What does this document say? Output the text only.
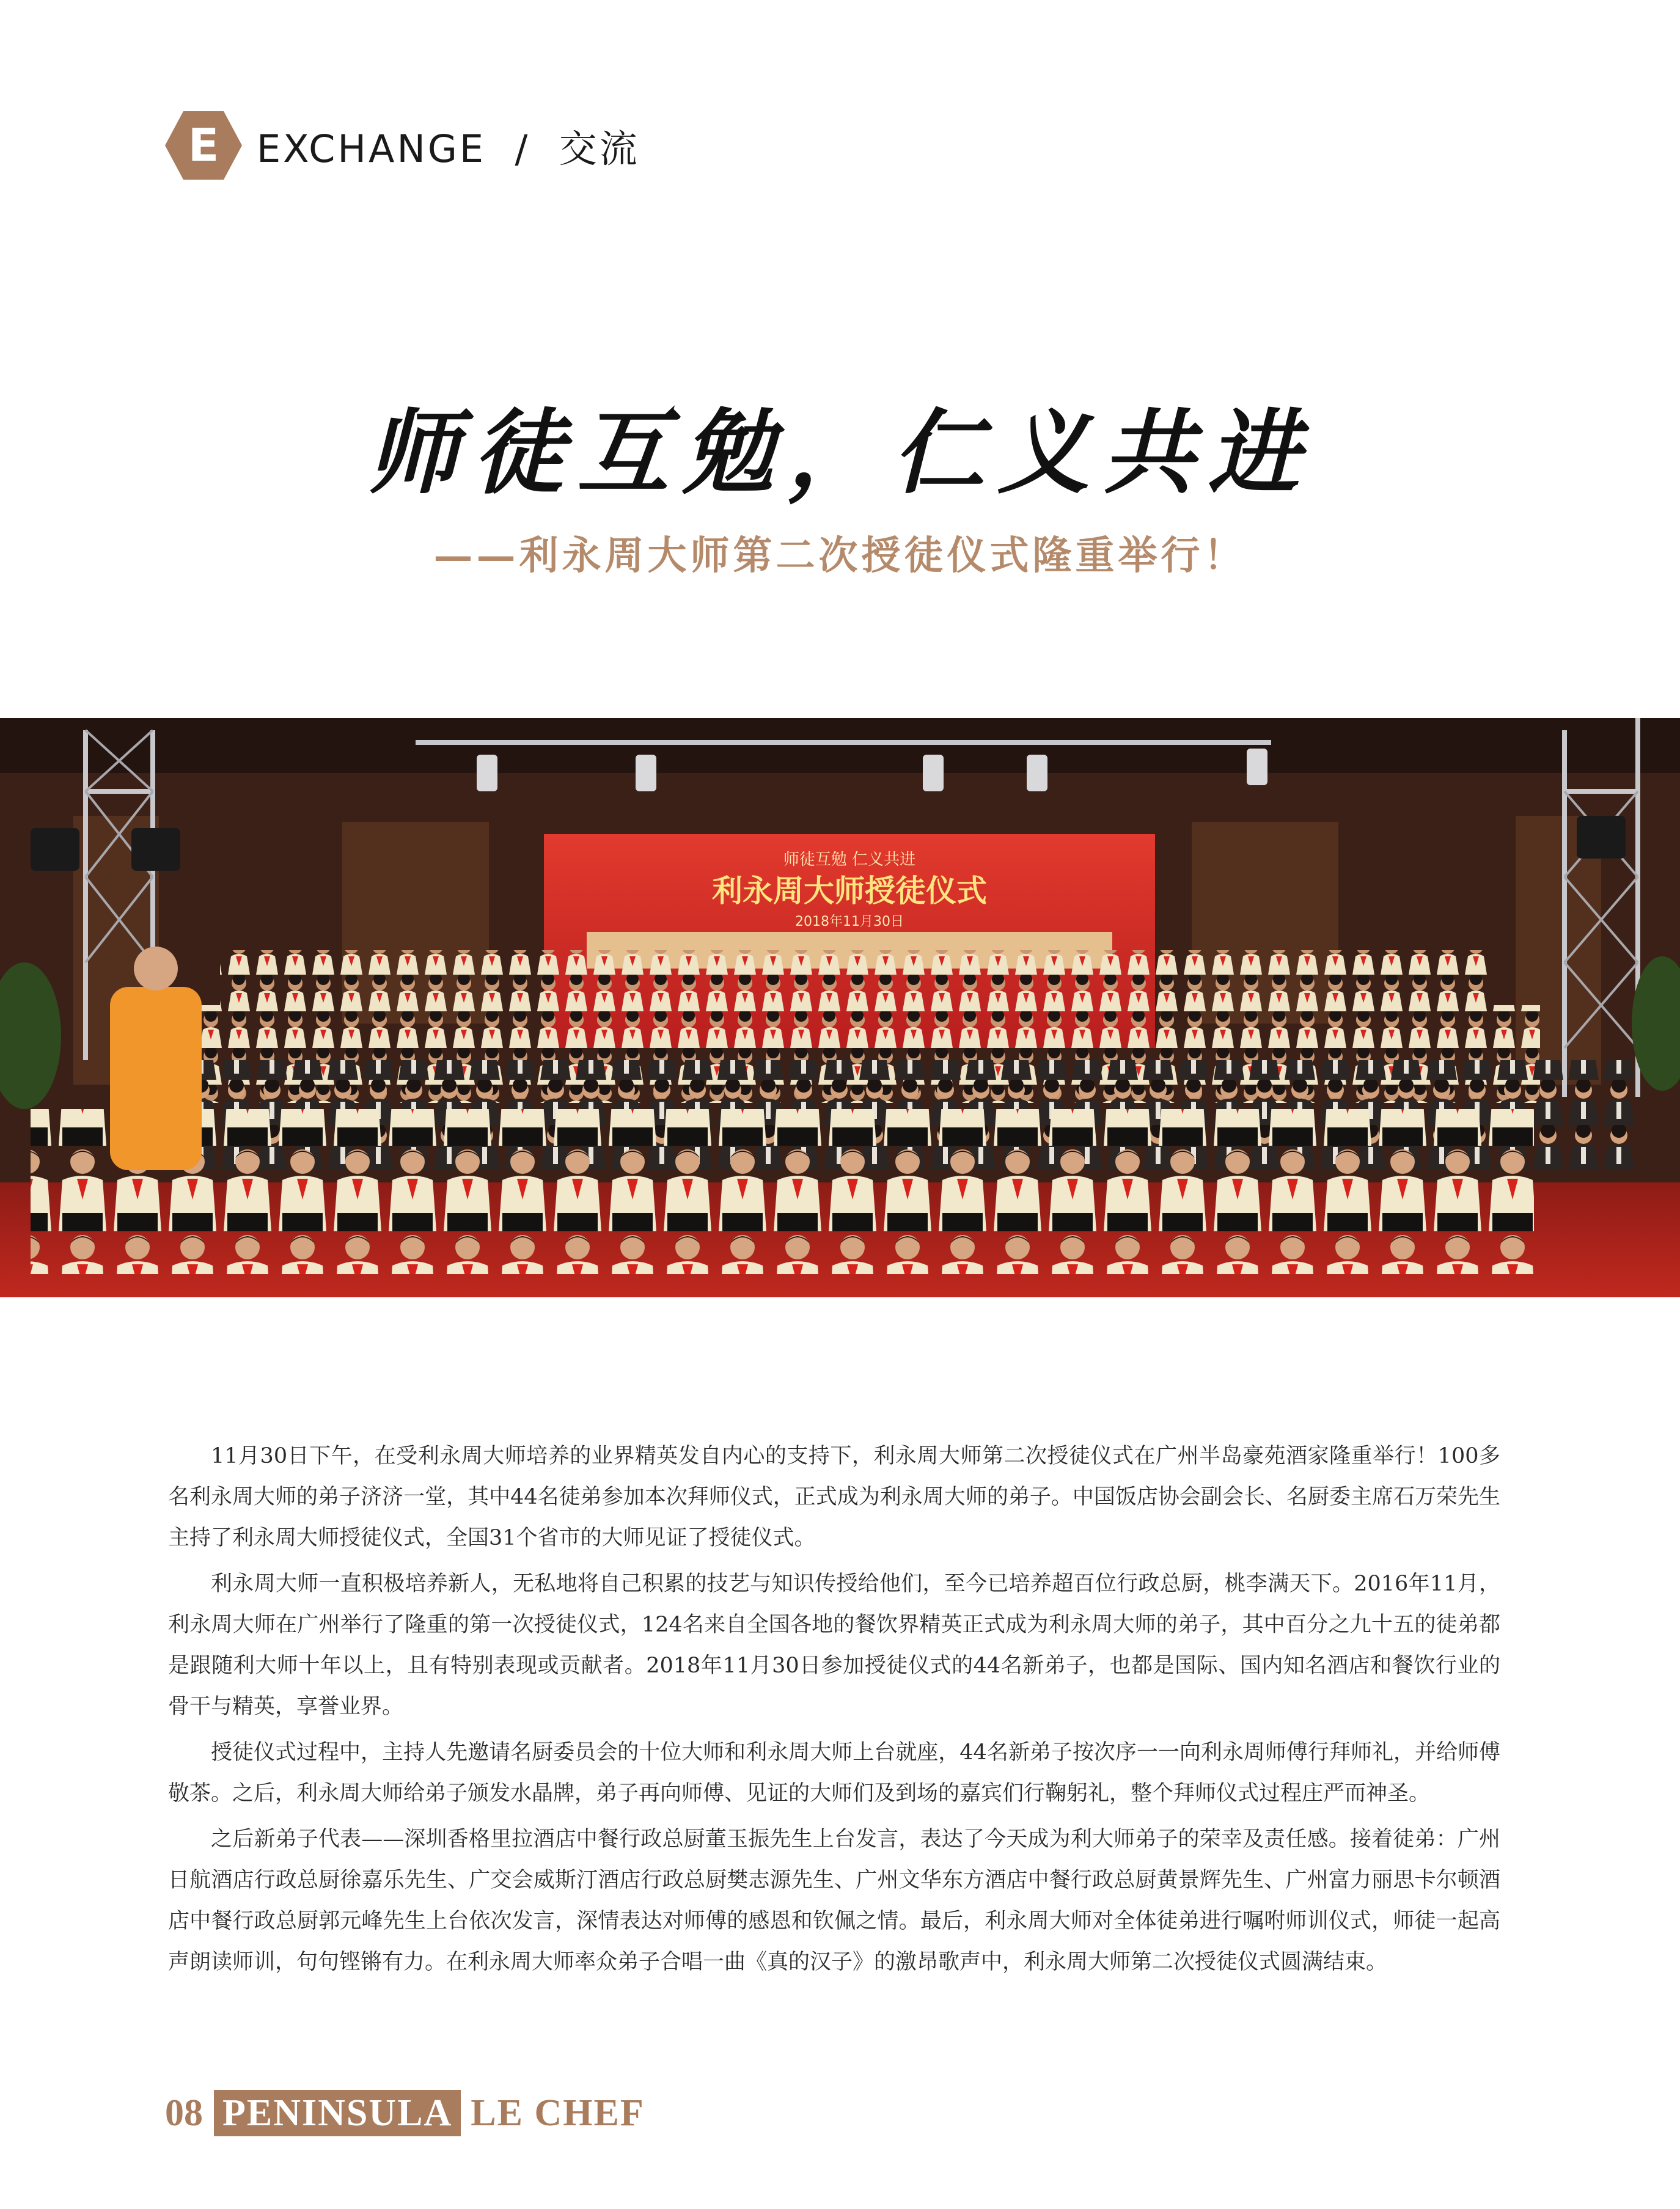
E EXCHANGE  /  交流
师徒互勉，仁义共进
——利永周大师第二次授徒仪式隆重举行！
师徒互勉 仁义共进
利永周大师授徒仪式
2018年11月30日

11月30日下午，在受利永周大师培养的业界精英发自内心的支持下，利永周大师第二次授徒仪式在广州半岛豪苑酒家隆重举行！100多名利永周大师的弟子济济一堂，其中44名徒弟参加本次拜师仪式，正式成为利永周大师的弟子。中国饭店协会副会长、名厨委主席石万荣先生主持了利永周大师授徒仪式，全国31个省市的大师见证了授徒仪式。

利永周大师一直积极培养新人，无私地将自己积累的技艺与知识传授给他们，至今已培养超百位行政总厨，桃李满天下。2016年11月，利永周大师在广州举行了隆重的第一次授徒仪式，124名来自全国各地的餐饮界精英正式成为利永周大师的弟子，其中百分之九十五的徒弟都是跟随利大师十年以上，且有特别表现或贡献者。2018年11月30日参加授徒仪式的44名新弟子，也都是国际、国内知名酒店和餐饮行业的骨干与精英，享誉业界。

授徒仪式过程中，主持人先邀请名厨委员会的十位大师和利永周大师上台就座，44名新弟子按次序一一向利永周师傅行拜师礼，并给师傅敬茶。之后，利永周大师给弟子颁发水晶牌，弟子再向师傅、见证的大师们及到场的嘉宾们行鞠躬礼，整个拜师仪式过程庄严而神圣。

之后新弟子代表——深圳香格里拉酒店中餐行政总厨董玉振先生上台发言，表达了今天成为利大师弟子的荣幸及责任感。接着徒弟：广州日航酒店行政总厨徐嘉乐先生、广交会威斯汀酒店行政总厨樊志源先生、广州文华东方酒店中餐行政总厨黄景辉先生、广州富力丽思卡尔顿酒店中餐行政总厨郭元峰先生上台依次发言，深情表达对师傅的感恩和钦佩之情。最后，利永周大师对全体徒弟进行嘱咐师训仪式，师徒一起高声朗读师训，句句铿锵有力。在利永周大师率众弟子合唱一曲《真的汉子》的激昂歌声中，利永周大师第二次授徒仪式圆满结束。

08 PENINSULA LE CHEF
